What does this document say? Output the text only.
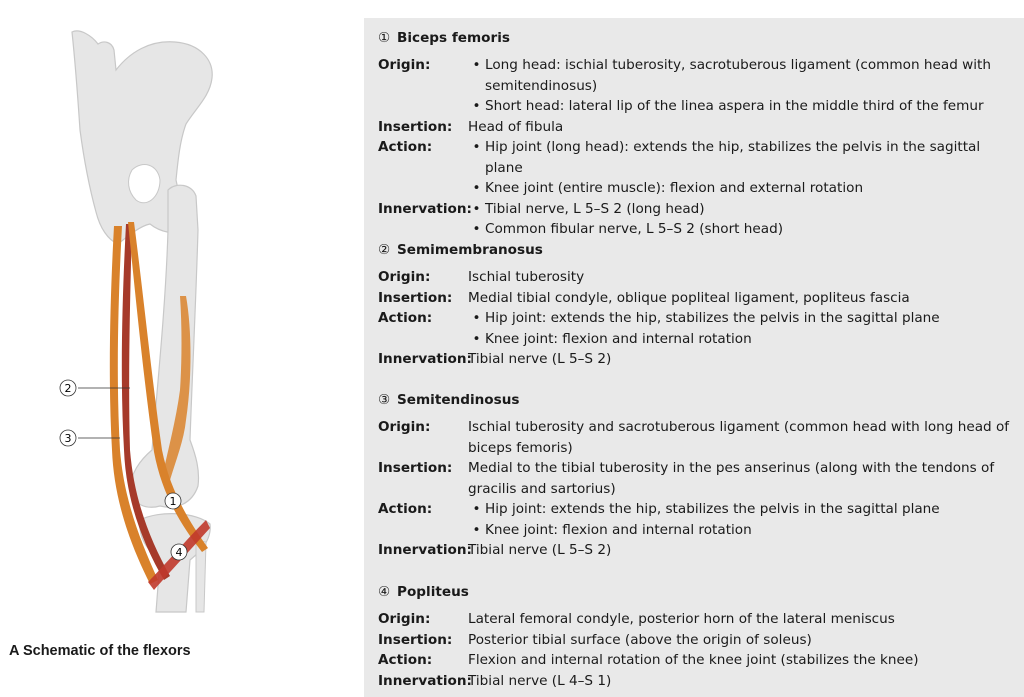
2
3
1
4
A Schematic of the flexors
① Biceps femoris
Origin:	• Long head: ischial tuberosity, sacrotuberous ligament (common head with semitendinosus)
• Short head: lateral lip of the linea aspera in the middle third of the femur
Insertion:	Head of fibula
Action:	• Hip joint (long head): extends the hip, stabilizes the pelvis in the sagittal plane
• Knee joint (entire muscle): flexion and external rotation
Innervation: • Tibial nerve, L 5–S 2 (long head)
• Common fibular nerve, L 5–S 2 (short head)
② Semimembranosus
Origin:	Ischial tuberosity
Insertion:	Medial tibial condyle, oblique popliteal ligament, popliteus fascia
Action:	• Hip joint: extends the hip, stabilizes the pelvis in the sagittal plane
• Knee joint: flexion and internal rotation
Innervation:
Tibial nerve (L 5–S 2)
③ Semitendinosus
Origin:	Ischial tuberosity and sacrotuberous ligament (common head with long head of biceps femoris)
Insertion:	Medial to the tibial tuberosity in the pes anserinus (along with the tendons of gracilis and sartorius)
Action:	• Hip joint: extends the hip, stabilizes the pelvis in the sagittal plane
• Knee joint: flexion and internal rotation
Innervation:
Tibial nerve (L 5–S 2)
④ Popliteus
Origin:	Lateral femoral condyle, posterior horn of the lateral meniscus
Insertion:	Posterior tibial surface (above the origin of soleus)
Action:	Flexion and internal rotation of the knee joint (stabilizes the knee)
Innervation:
Tibial nerve (L 4–S 1)
